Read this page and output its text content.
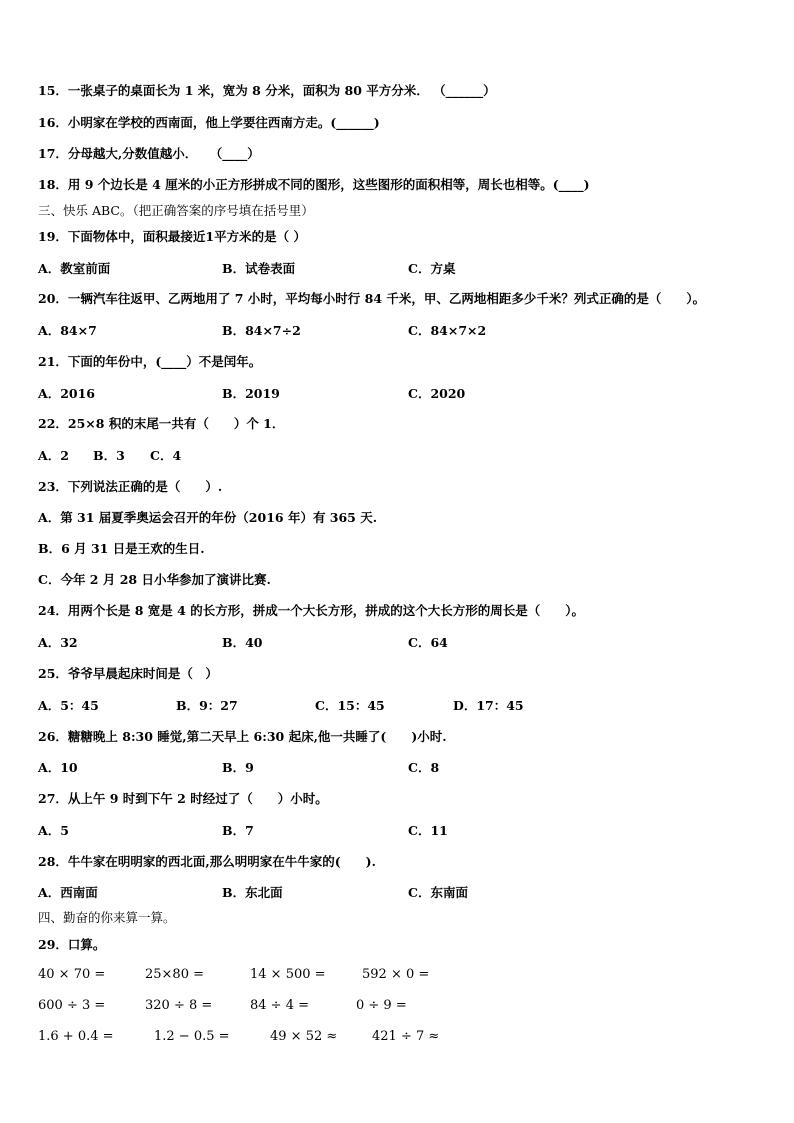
15．一张桌子的桌面长为 1 米，宽为 8 分米，面积为 80 平方分米． （______）
16．小明家在学校的西南面，他上学要往西南方走。(______)
17．分母越大,分数值越小．　　（____）
18．用 9 个边长是 4 厘米的小正方形拼成不同的图形，这些图形的面积相等，周长也相等。(____)
三、快乐 ABC。（把正确答案的序号填在括号里）
19．下面物体中，面积最接近1平方米的是（ ）
A．教室前面	B．试卷表面	C．方桌
20．一辆汽车往返甲、乙两地用了 7 小时，平均每小时行 84 千米，甲、乙两地相距多少千米？列式正确的是（　　）。
A．84×7	B．84×7÷2	C．84×7×2
21．下面的年份中，(____）不是闰年。
A．2016	B．2019	C．2020
22．25×8 积的末尾一共有（　　）个 1．
A．2 B．3 C．4
23．下列说法正确的是（　　）.
A．第 31 届夏季奥运会召开的年份（2016 年）有 365 天.
B．6 月 31 日是王欢的生日.
C．今年 2 月 28 日小华参加了演讲比赛.
24．用两个长是 8 宽是 4 的长方形，拼成一个大长方形，拼成的这个大长方形的周长是（　　）。
A．32	B．40	C．64
25．爷爷早晨起床时间是（　）
A．5：45	B．9：27	C．15：45	D．17：45
26．糖糖晚上 8:30 睡觉,第二天早上 6:30 起床,他一共睡了(　　)小时.
A．10	B．9	C．8
27．从上午 9 时到下午 2 时经过了（　　）小时。
A．5	B．7	C．11
28．牛牛家在明明家的西北面,那么明明家在牛牛家的(　　).
A．西南面	B．东北面	C．东南面
四、勤奋的你来算一算。
29．口算。
40 × 70 =	25×80 =	14 × 500 =	592 × 0 =
600 ÷ 3 =	320 ÷ 8 =	84 ÷ 4 =	0 ÷ 9 =
1.6 + 0.4 =	1.2 − 0.5 =	49 × 52 ≈	421 ÷ 7 ≈
